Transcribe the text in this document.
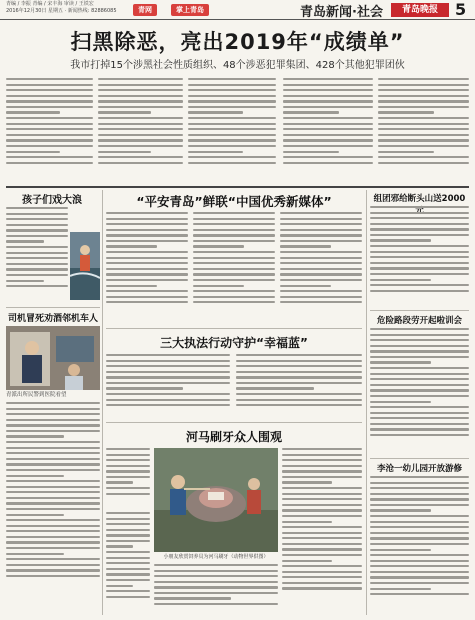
青编 / 李振 青编 / 宋丰海 审读 / 王铁宏
2016年12月30日 星期五 · 新闻热线: 82886085	青网	掌上青岛	青岛新闻·社会	青岛晚报	5
扫黑除恶，亮出2019年“成绩单”
我市打掉15个涉黑社会性质组织、48个涉恶犯罪集团、428个其他犯罪团伙
孩子们戏大浪
司机冒死劝酒邻机车人
青派出所民警到医院看望
“平安青岛”鲜联“中国优秀新媒体”
三大执法行动守护“幸福蓝”
河马刷牙众人围观
小朋友欣赏饲养员为河马刷牙（动物世界供图）
组团邪给断头山送2000
危险路段劳开起啦训会
李沧一幼儿园开放游修
